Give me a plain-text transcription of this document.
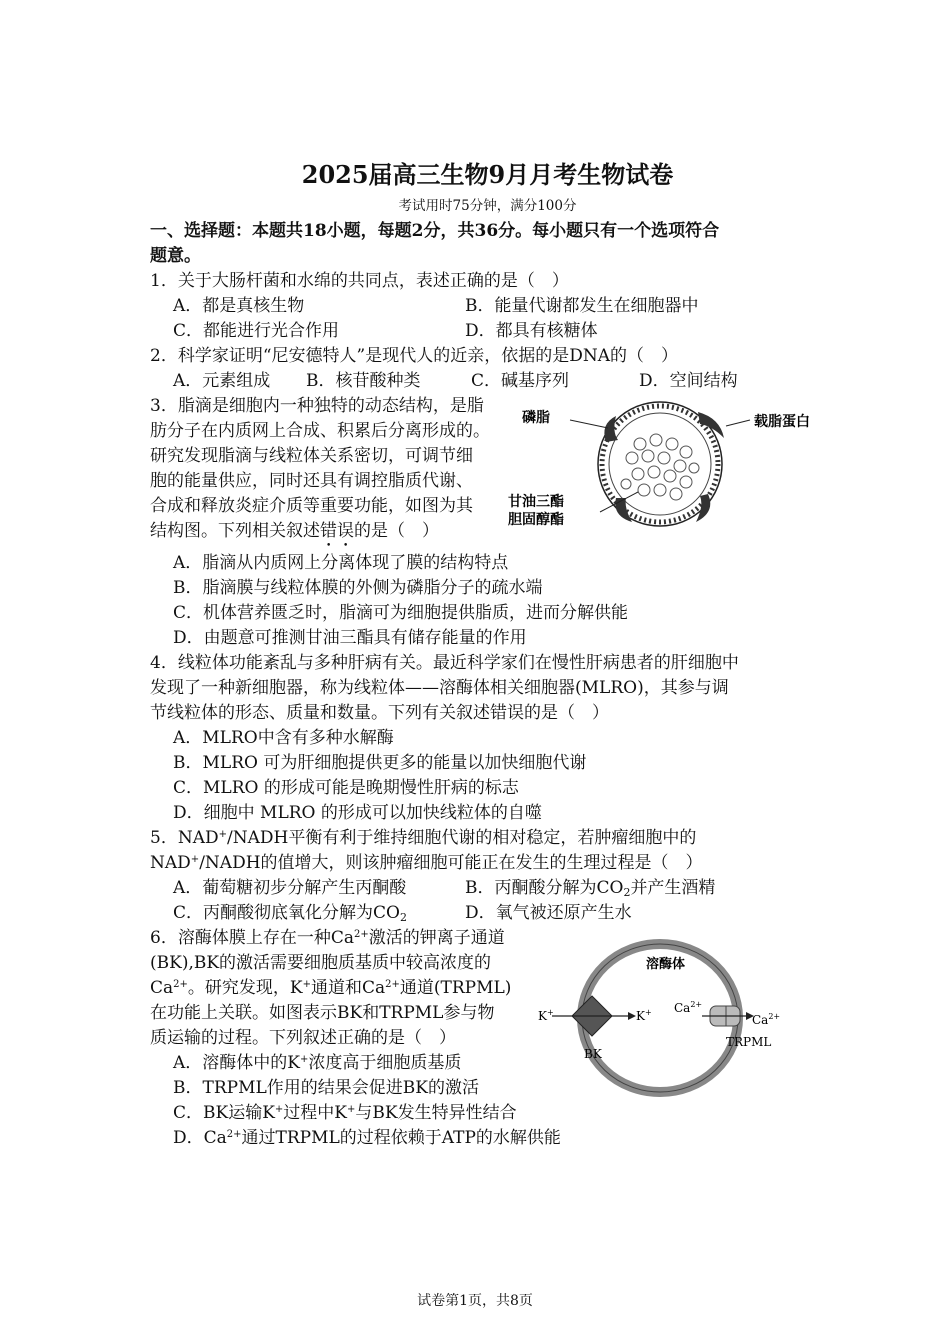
2025届高三生物9月月考生物试卷
考试用时75分钟，满分100分
一、选择题：本题共18小题，每题2分，共36分。每小题只有一个选项符合
题意。
1．关于大肠杆菌和水绵的共同点，表述正确的是（　）
A．都是真核生物	B．能量代谢都发生在细胞器中
C．都能进行光合作用	D．都具有核糖体
2．科学家证明“尼安德特人”是现代人的近亲，依据的是DNA的（　）
A．元素组成	B．核苷酸种类	C．碱基序列	D．空间结构
3．脂滴是细胞内一种独特的动态结构，是脂
肪分子在内质网上合成、积累后分离形成的。
研究发现脂滴与线粒体关系密切，可调节细
胞的能量供应，同时还具有调控脂质代谢、
合成和释放炎症介质等重要功能，如图为其
结构图。下列相关叙述错误的是（　）
磷脂	载脂蛋白
甘油三酯
胆固醇酯
A．脂滴从内质网上分离体现了膜的结构特点
B．脂滴膜与线粒体膜的外侧为磷脂分子的疏水端
C．机体营养匮乏时，脂滴可为细胞提供脂质，进而分解供能
D．由题意可推测甘油三酯具有储存能量的作用
4．线粒体功能紊乱与多种肝病有关。最近科学家们在慢性肝病患者的肝细胞中
发现了一种新细胞器，称为线粒体——溶酶体相关细胞器(MLRO)，其参与调
节线粒体的形态、质量和数量。下列有关叙述错误的是（　）
A．MLRO中含有多种水解酶
B．MLRO 可为肝细胞提供更多的能量以加快细胞代谢
C．MLRO 的形成可能是晚期慢性肝病的标志
D．细胞中 MLRO 的形成可以加快线粒体的自噬
5．NAD+/NADH平衡有利于维持细胞代谢的相对稳定，若肿瘤细胞中的
NAD+/NADH的值增大，则该肿瘤细胞可能正在发生的生理过程是（　）
A．葡萄糖初步分解产生丙酮酸	B．丙酮酸分解为$CO_2$并产生酒精
C．丙酮酸彻底氧化分解为$CO_2$	D．氧气被还原产生水
6．溶酶体膜上存在一种$Ca^{2+}$激活的钾离子通道
(BK),BK的激活需要细胞质基质中较高浓度的
$Ca^{2+}$。研究发现，K+通道和$Ca^{2+}$通道(TRPML)
在功能上关联。如图表示BK和TRPML参与物
质运输的过程。下列叙述正确的是（　）
A．溶酶体中的K+浓度高于细胞质基质
B．TRPML作用的结果会促进BK的激活
溶酶体
K+	K+
BK
$Ca^{2+}$
$Ca^{2+}$
TRPML
C．BK运输K+过程中K+与BK发生特异性结合
D．$Ca^{2+}$通过TRPML的过程依赖于ATP的水解供能
试卷第1页，共8页
